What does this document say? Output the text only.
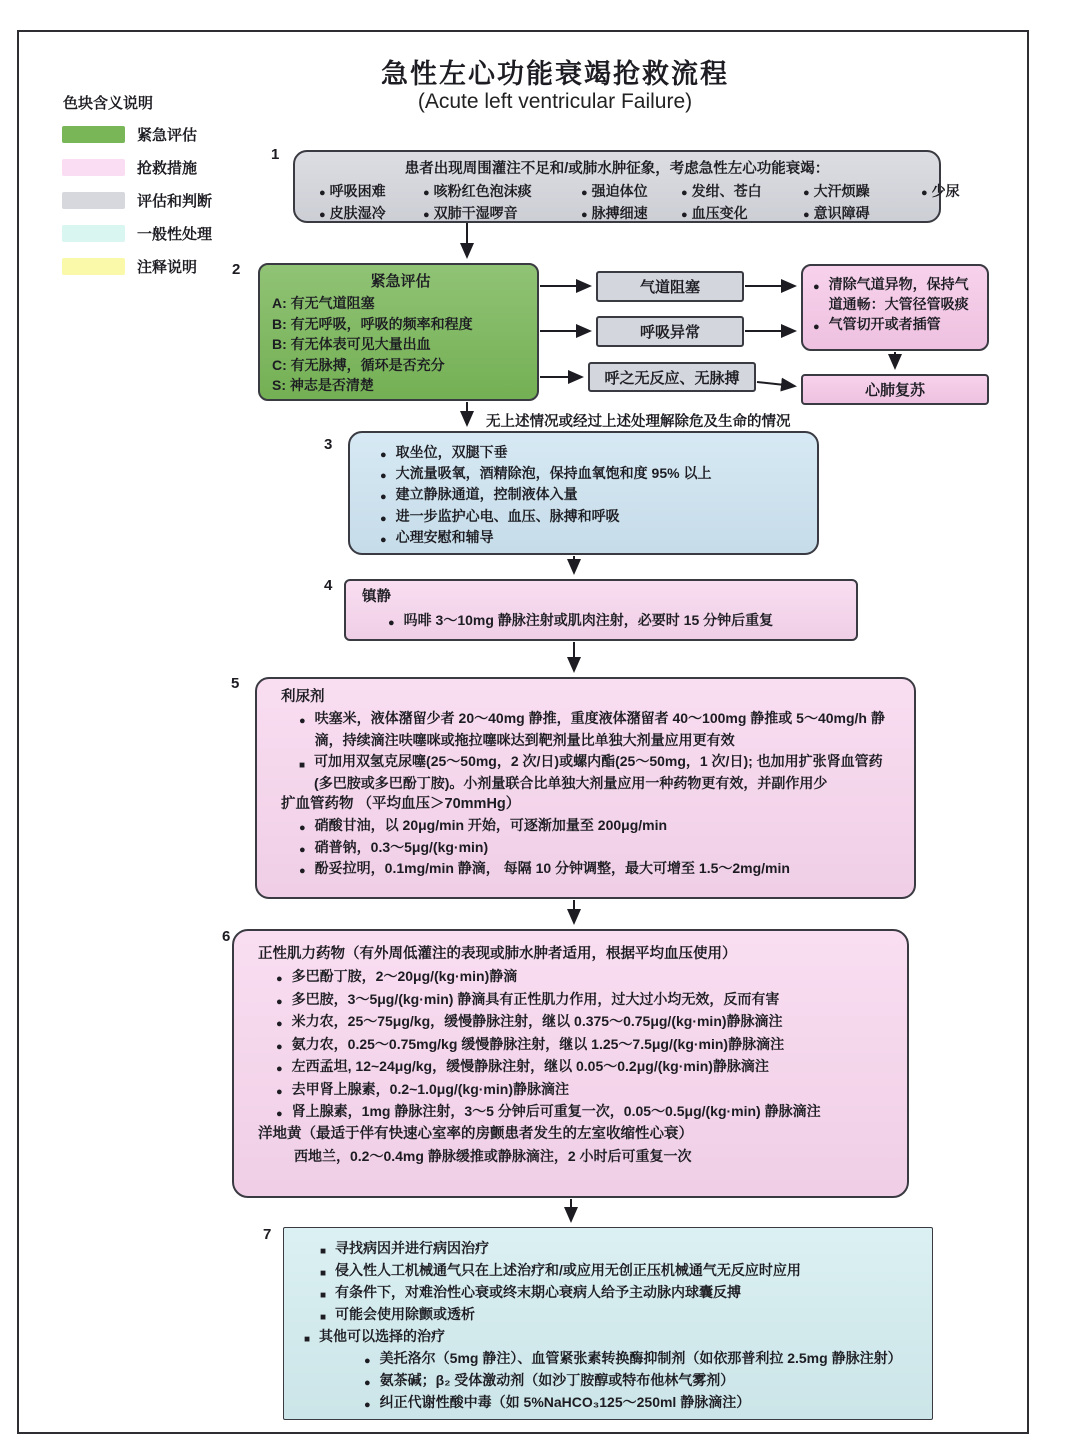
急性左心功能衰竭抢救流程
(Acute left ventricular Failure)
色块含义说明
紧急评估
抢救措施
评估和判断
一般性处理
注释说明
1
2
3
4
5
6
7
患者出现周围灌注不足和/或肺水肿征象，考虑急性左心功能衰竭：
● 呼吸困难	● 咳粉红色泡沫痰	● 强迫体位	● 发绀、苍白	● 大汗烦躁	● 少尿
● 皮肤湿冷	● 双肺干湿啰音	● 脉搏细速	● 血压变化	● 意识障碍
紧急评估
A: 有无气道阻塞
B: 有无呼吸，呼吸的频率和程度
B: 有无体表可见大量出血
C: 有无脉搏，循环是否充分
S: 神志是否清楚
气道阻塞
呼吸异常
呼之无反应、无脉搏
● 清除气道异物，保持气道通畅：大管径管吸痰
● 气管切开或者插管
心肺复苏
无上述情况或经过上述处理解除危及生命的情况
● 取坐位，双腿下垂
● 大流量吸氧，酒精除泡，保持血氧饱和度 95% 以上
● 建立静脉通道，控制液体入量
● 进一步监护心电、血压、脉搏和呼吸
● 心理安慰和辅导
镇静
● 吗啡 3～10mg 静脉注射或肌肉注射，必要时 15 分钟后重复
利尿剂
● 呋塞米，液体潴留少者 20～40mg 静推，重度液体潴留者 40～100mg 静推或 5～40mg/h 静滴，持续滴注呋噻咪或拖拉噻咪达到靶剂量比单独大剂量应用更有效
■ 可加用双氢克尿噻(25～50mg，2 次/日)或螺内酯(25～50mg，1 次/日); 也加用扩张肾血管药(多巴胺或多巴酚丁胺)。小剂量联合比单独大剂量应用一种药物更有效，并副作用少
扩血管药物 （平均血压＞70mmHg）
● 硝酸甘油，以 20μg/min 开始，可逐渐加量至 200μg/min
● 硝普钠，0.3～5μg/(kg·min)
● 酚妥拉明，0.1mg/min 静滴， 每隔 10 分钟调整，最大可增至 1.5～2mg/min
正性肌力药物（有外周低灌注的表现或肺水肿者适用，根据平均血压使用）
● 多巴酚丁胺，2～20μg/(kg·min)静滴
● 多巴胺，3～5μg/(kg·min) 静滴具有正性肌力作用，过大过小均无效，反而有害
● 米力农，25～75μg/kg，缓慢静脉注射，继以 0.375～0.75μg/(kg·min)静脉滴注
● 氨力农，0.25～0.75mg/kg 缓慢静脉注射，继以 1.25～7.5μg/(kg·min)静脉滴注
● 左西孟坦, 12~24μg/kg，缓慢静脉注射，继以 0.05～0.2μg/(kg·min)静脉滴注
● 去甲肾上腺素，0.2~1.0μg/(kg·min)静脉滴注
● 肾上腺素，1mg 静脉注射，3～5 分钟后可重复一次，0.05～0.5μg/(kg·min) 静脉滴注
洋地黄（最适于伴有快速心室率的房颤患者发生的左室收缩性心衰）
西地兰，0.2～0.4mg 静脉缓推或静脉滴注，2 小时后可重复一次
■ 寻找病因并进行病因治疗
■ 侵入性人工机械通气只在上述治疗和/或应用无创正压机械通气无反应时应用
■ 有条件下，对难治性心衰或终末期心衰病人给予主动脉内球囊反搏
■ 可能会使用除颤或透析
■ 其他可以选择的治疗
● 美托洛尔（5mg 静注）、血管紧张素转换酶抑制剂（如依那普利拉 2.5mg 静脉注射）
● 氨茶碱；β₂ 受体激动剂（如沙丁胺醇或特布他林气雾剂）
● 纠正代谢性酸中毒（如 5%NaHCO₃125～250ml 静脉滴注）
